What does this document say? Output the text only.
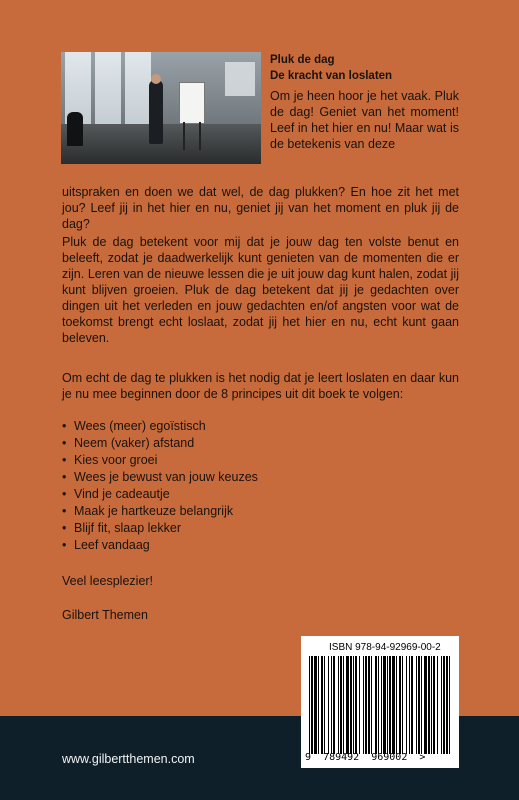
Pluk de dag
De kracht van loslaten

Om je heen hoor je het vaak. Pluk de dag! Geniet van het moment! Leef in het hier en nu! Maar wat is de betekenis van deze

uitspraken en doen we dat wel, de dag plukken? En hoe zit het met jou? Leef jij in het hier en nu, geniet jij van het moment en pluk jij de dag?

Pluk de dag betekent voor mij dat je jouw dag ten volste benut en beleeft, zodat je daadwerkelijk kunt genieten van de momenten die er zijn. Leren van de nieuwe lessen die je uit jouw dag kunt halen, zodat jij kunt blijven groeien. Pluk de dag betekent dat jij je gedachten over dingen uit het verleden en jouw gedachten en/of angsten voor wat de toekomst brengt echt loslaat, zodat jij het hier en nu, echt kunt gaan beleven.

Om echt de dag te plukken is het nodig dat je leert loslaten en daar kun je nu mee beginnen door de 8 principes uit dit boek te volgen:

• Wees (meer) egoïstisch
• Neem (vaker) afstand
• Kies voor groei
• Wees je bewust van jouw keuzes
• Vind je cadeautje
• Maak je hartkeuze belangrijk
• Blijf fit, slaap lekker
• Leef vandaag
Veel leesplezier!
Gilbert Themen
www.gilbertthemen.com
ISBN 978-94-92969-00-2
9  789492  969002  >
